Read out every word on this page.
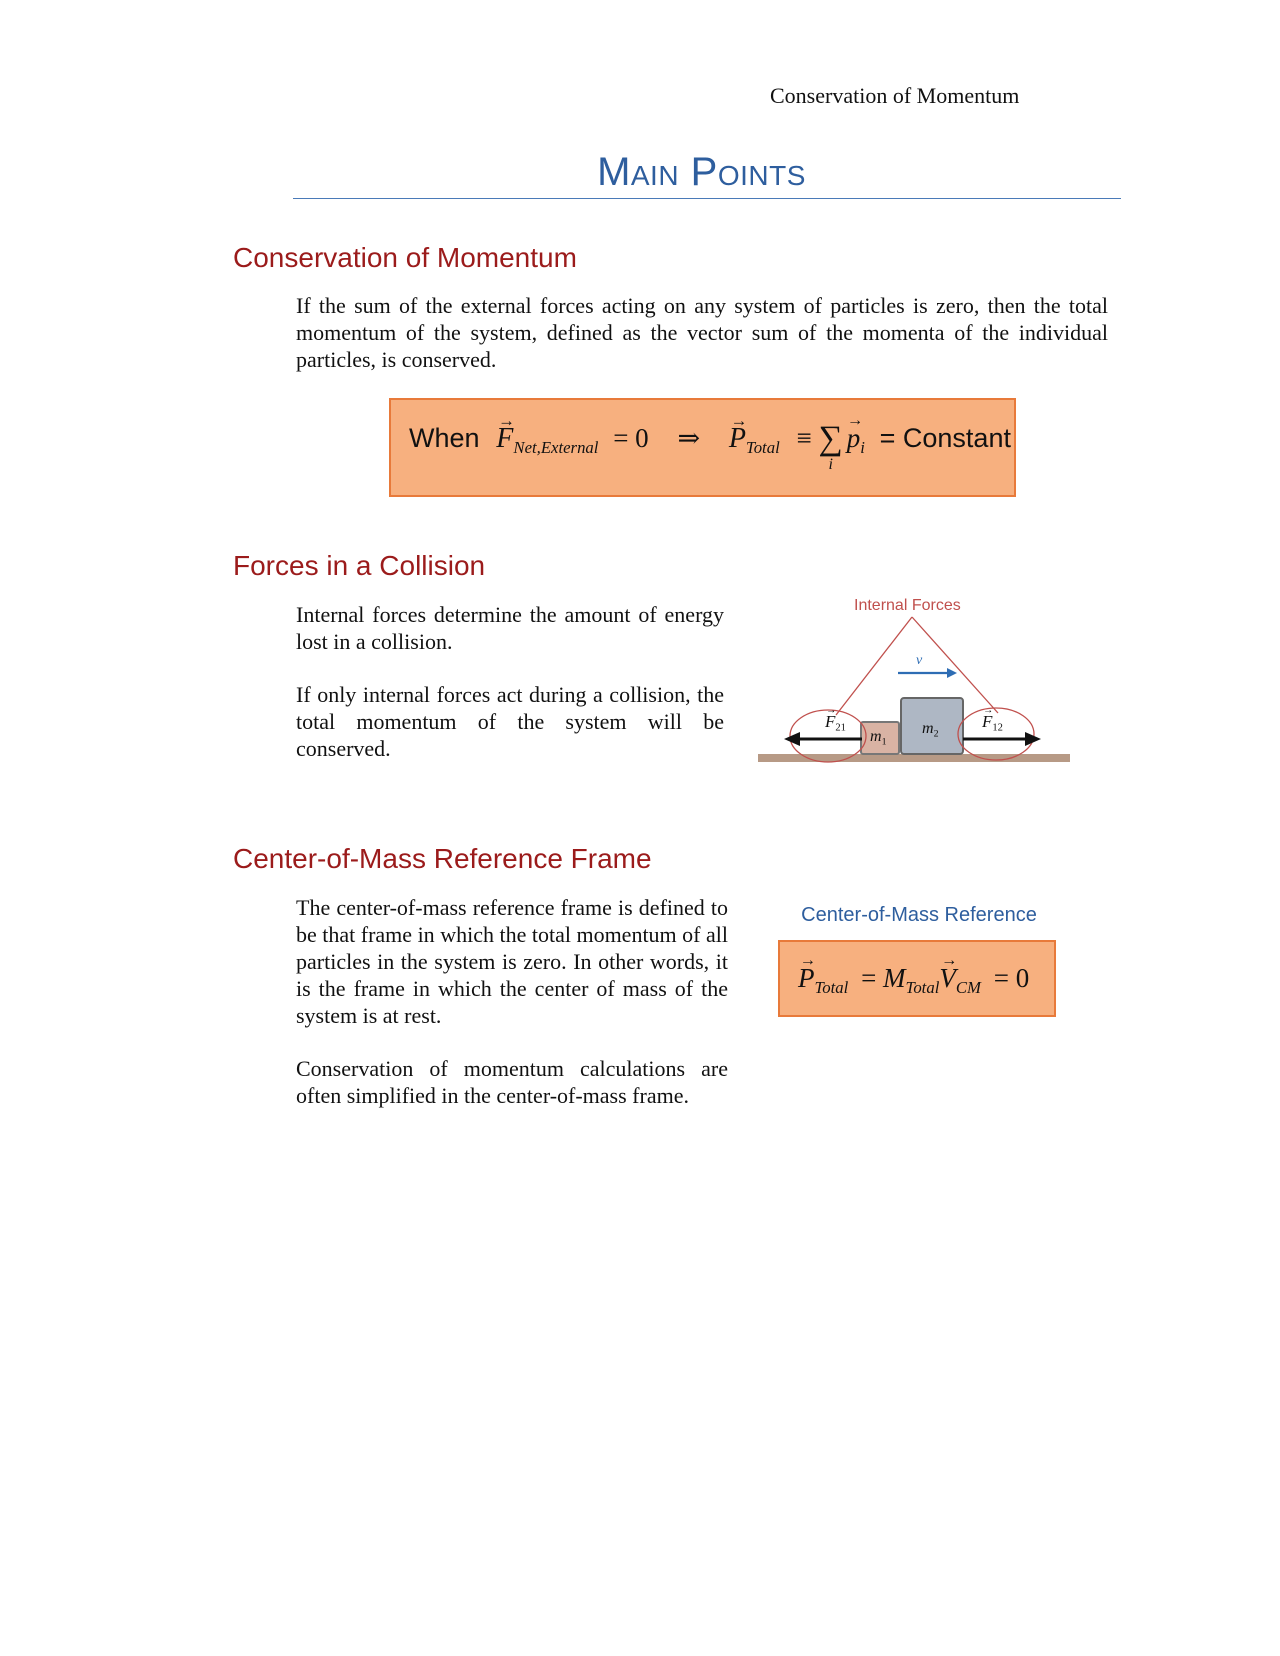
Conservation of Momentum
Main Points
Conservation of Momentum
If the sum of the external forces acting on any system of particles is zero, then the total momentum of the system, defined as the vector sum of the momenta of the individual particles, is conserved.
When → $F_{Net,External} = 0$ ⇒ → $P_{Total}$ ≡ ∑
i
→ $p_i$ = Constant
Forces in a Collision
Internal forces determine the amount of energy lost in a collision.
If only internal forces act during a collision, the total momentum of the system will be conserved.
Internal Forces
v
$m_1$
$m_2$
→ $F_{21}$	→ $F_{12}$
Center-of-Mass Reference Frame
The center-of-mass reference frame is defined to be that frame in which the total momentum of all particles in the system is zero. In other words, it is the frame in which the center of mass of the system is at rest.
Conservation of momentum calculations are often simplified in the center-of-mass frame.
Center-of-Mass Reference
→ $P_{Total} = M_{Total}\to V_{CM} = 0$
